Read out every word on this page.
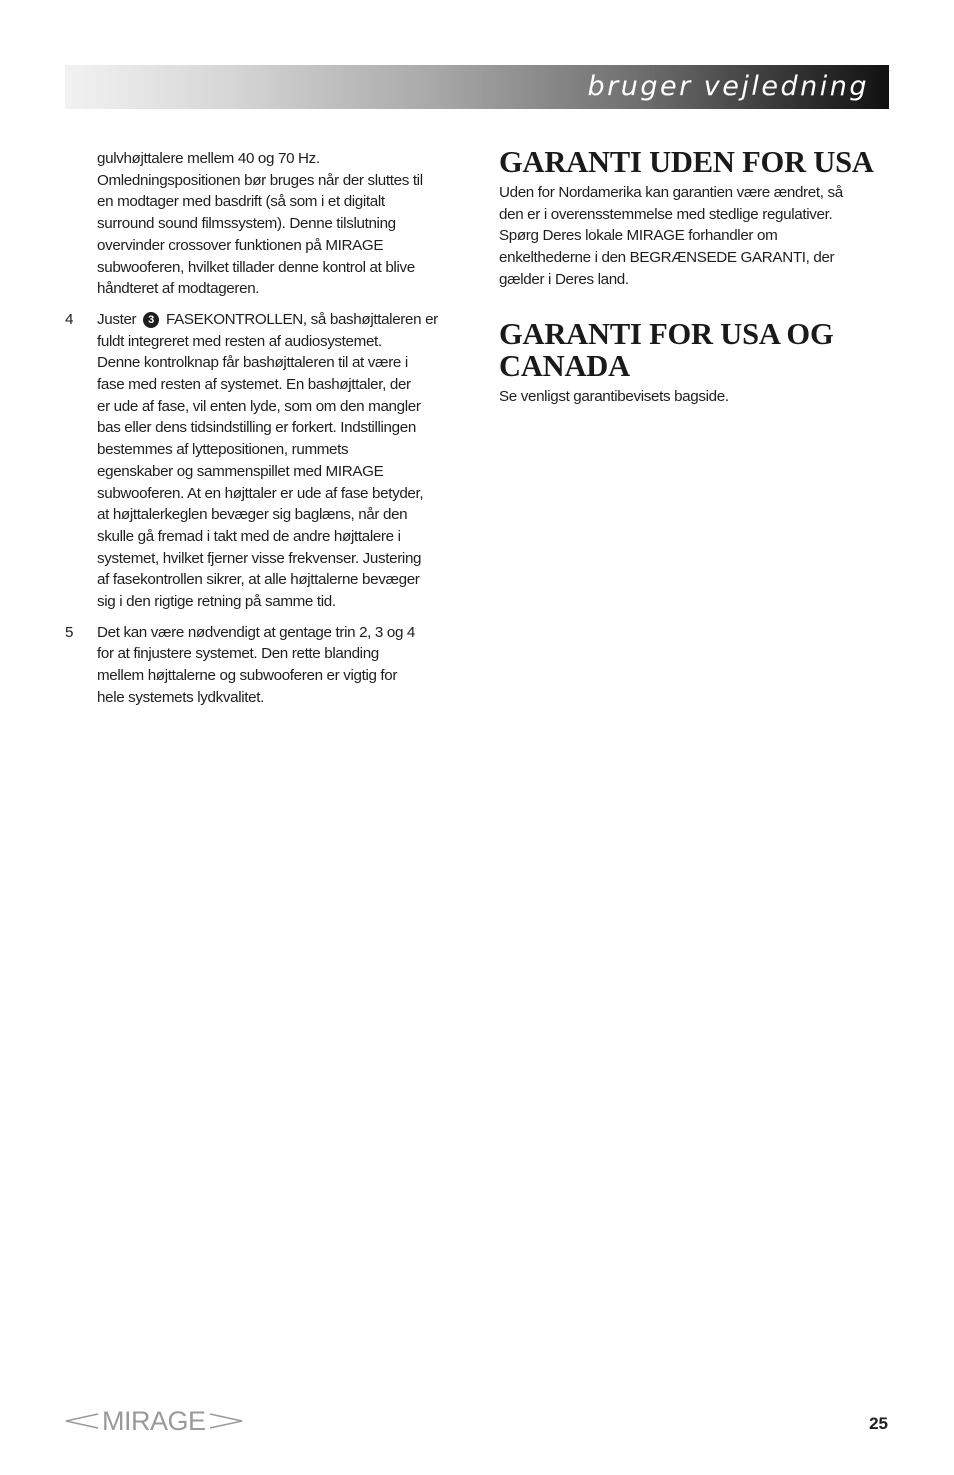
bruger vejledning
gulvhøjttalere mellem 40 og 70 Hz.
Omledningspositionen bør bruges når der sluttes til
en modtager med basdrift (så som i et digitalt
surround sound filmssystem). Denne tilslutning
overvinder crossover funktionen på MIRAGE
subwooferen, hvilket tillader denne kontrol at blive
håndteret af modtageren.
4 Juster 3 FASEKONTROLLEN, så bashøjttaleren er
fuldt integreret med resten af audiosystemet.
Denne kontrolknap får bashøjttaleren til at være i
fase med resten af systemet. En bashøjttaler, der
er ude af fase, vil enten lyde, som om den mangler
bas eller dens tidsindstilling er forkert. Indstillingen
bestemmes af lyttepositionen, rummets
egenskaber og sammenspillet med MIRAGE
subwooferen. At en højttaler er ude af fase betyder,
at højttalerkeglen bevæger sig baglæns, når den
skulle gå fremad i takt med de andre højttalere i
systemet, hvilket fjerner visse frekvenser. Justering
af fasekontrollen sikrer, at alle højttalerne bevæger
sig i den rigtige retning på samme tid.
5 Det kan være nødvendigt at gentage trin 2, 3 og 4
for at finjustere systemet. Den rette blanding
mellem højttalerne og subwooferen er vigtig for
hele systemets lydkvalitet.
GARANTI UDEN FOR USA
Uden for Nordamerika kan garantien være ændret, så
den er i overensstemmelse med stedlige regulativer.
Spørg Deres lokale MIRAGE forhandler om
enkelthederne i den BEGRÆNSEDE GARANTI, der
gælder i Deres land.
GARANTI FOR USA OG
CANADA
Se venligst garantibevisets bagside.
MIRAGE	25
